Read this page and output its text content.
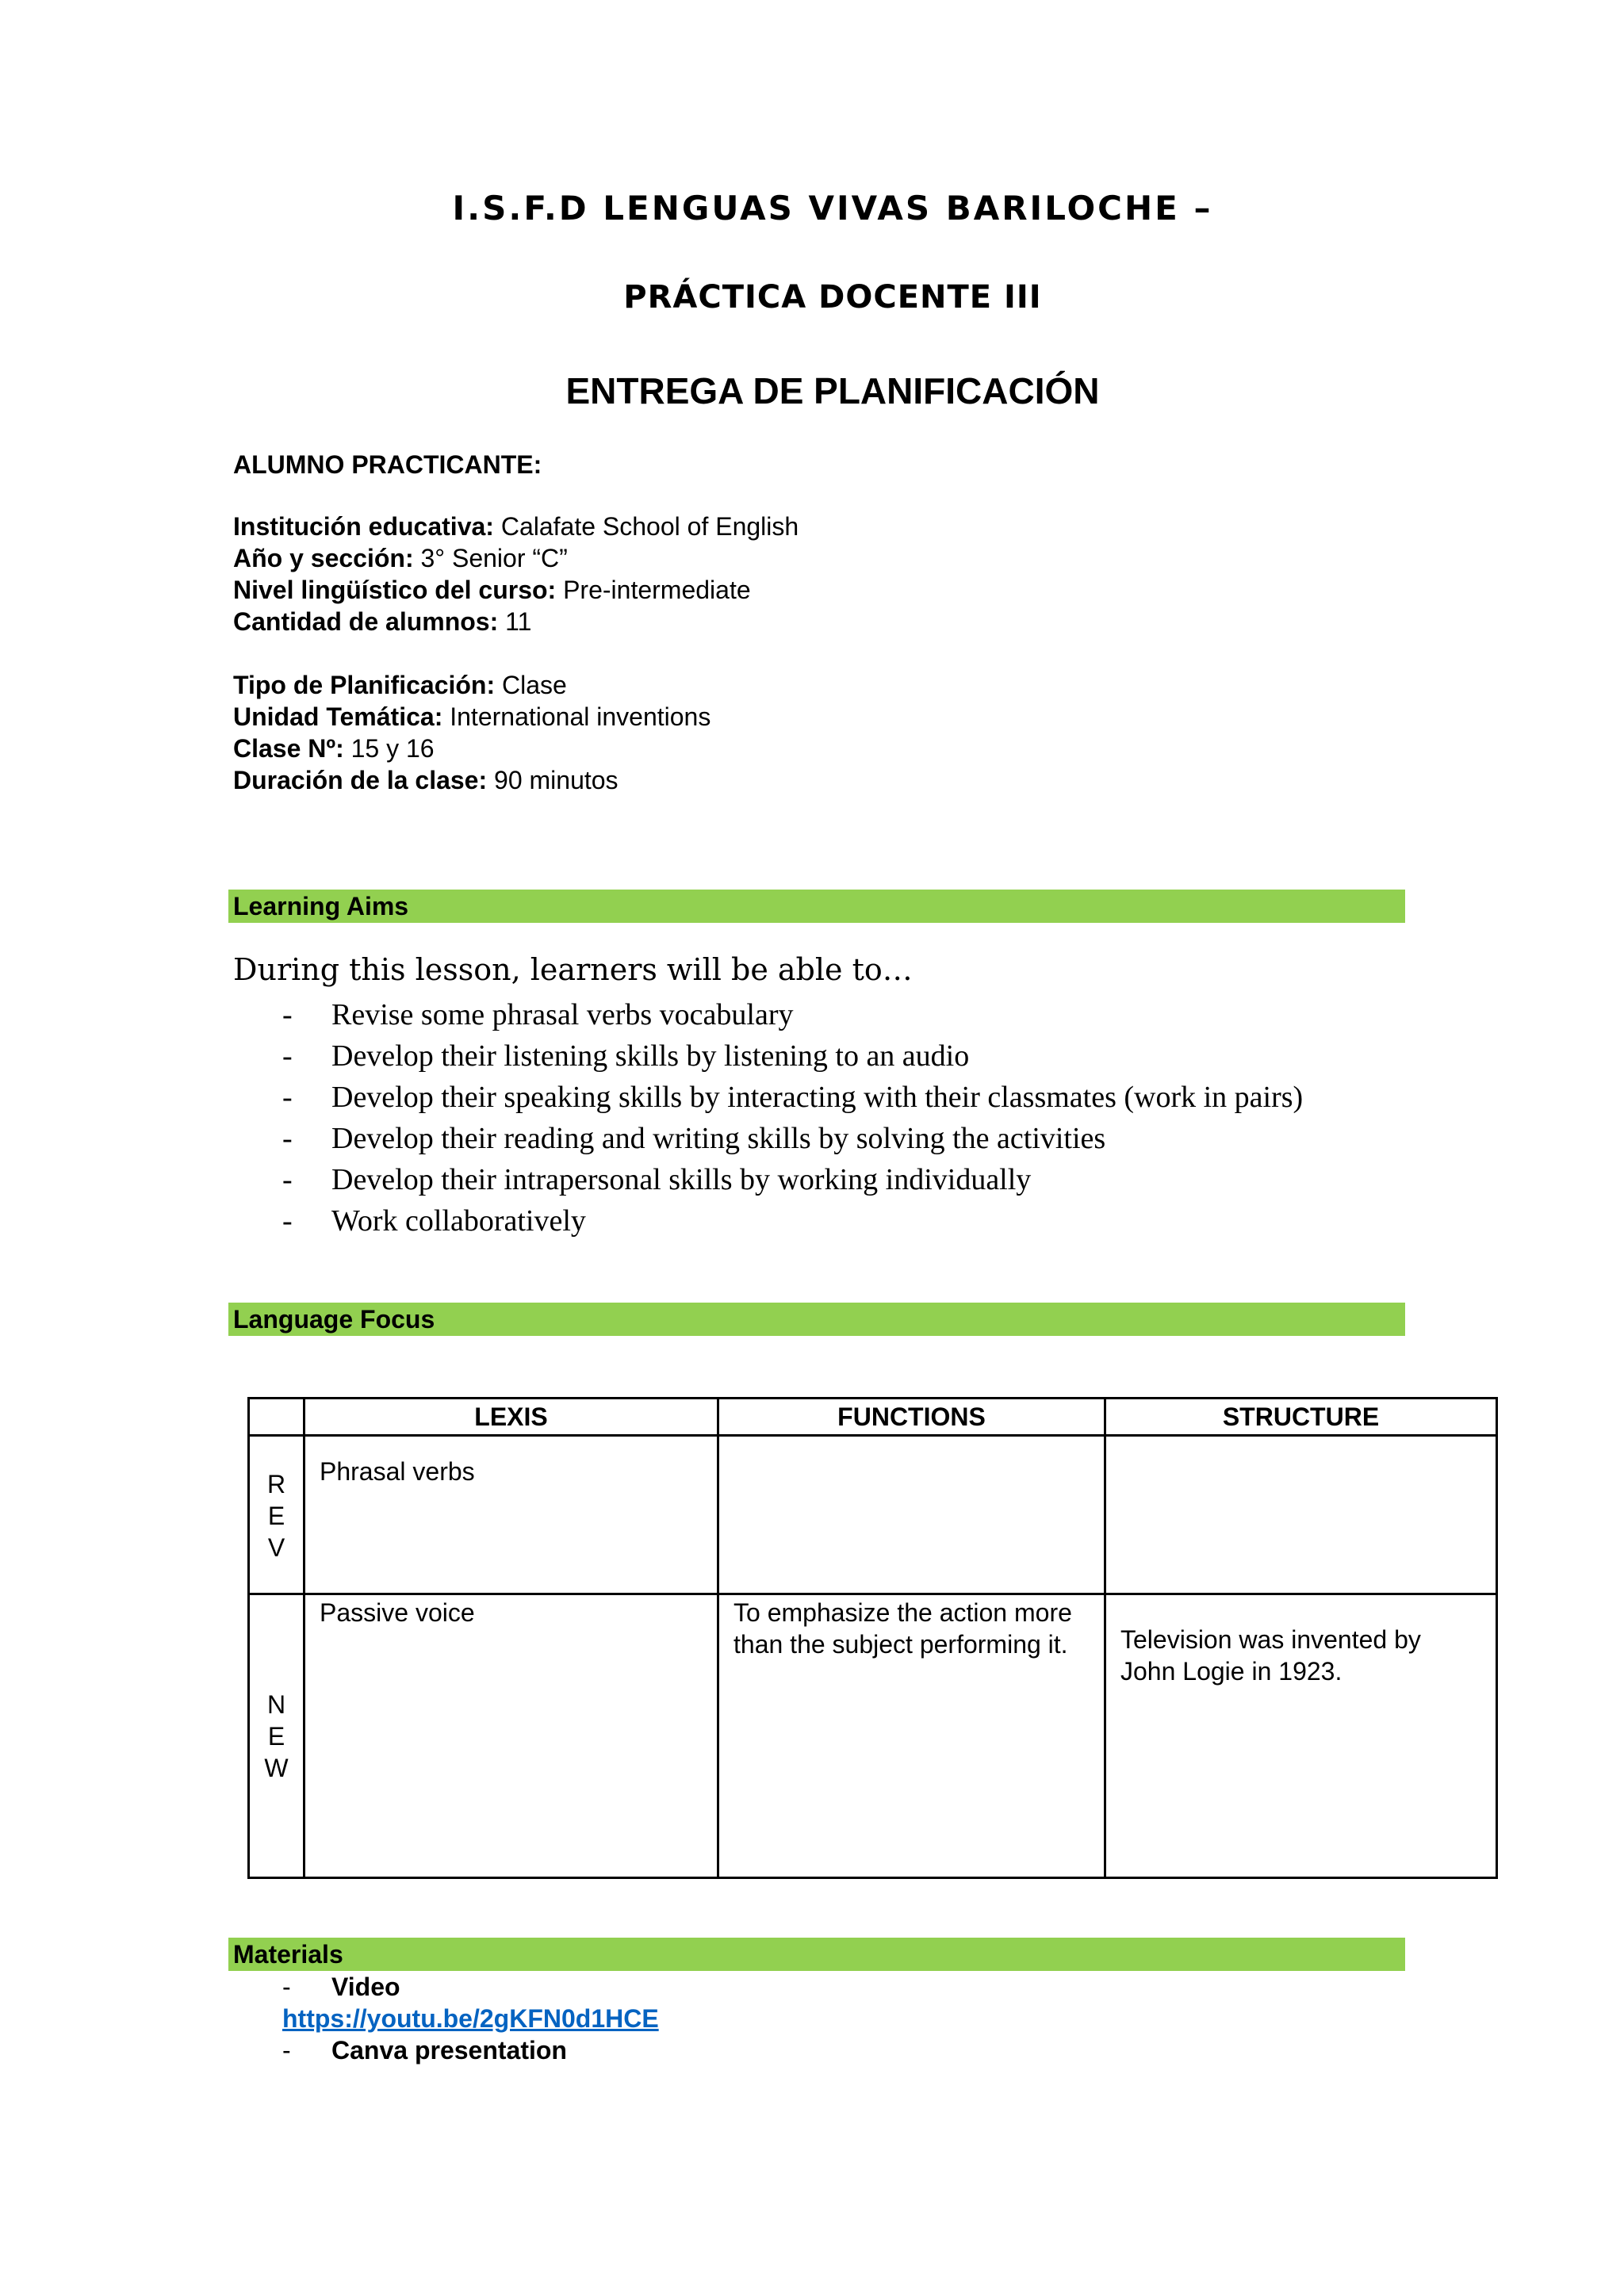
I.S.F.D LENGUAS VIVAS BARILOCHE –
PRÁCTICA DOCENTE III
ENTREGA DE PLANIFICACIÓN
ALUMNO PRACTICANTE:
Institución educativa: Calafate School of English
Año y sección: 3° Senior “C”
Nivel lingüístico del curso: Pre-intermediate
Cantidad de alumnos: 11
Tipo de Planificación: Clase
Unidad Temática: International inventions
Clase Nº: 15 y 16
Duración de la clase: 90 minutos
Learning Aims
During this lesson, learners will be able to…
-	Revise some phrasal verbs vocabulary
-	Develop their listening skills by listening to an audio
-	Develop their speaking skills by interacting with their classmates (work in pairs)
-	Develop their reading and writing skills by solving the activities
-	Develop their intrapersonal skills by working individually
-	Work collaboratively
Language Focus
	LEXIS	FUNCTIONS	STRUCTURE

R
E
V	Phrasal verbs		

N
E
W	Passive voice	To emphasize the action more than the subject performing it.	Television was invented by John Logie in 1923.
Materials
- Video
https://youtu.be/2gKFN0d1HCE
- Canva presentation
